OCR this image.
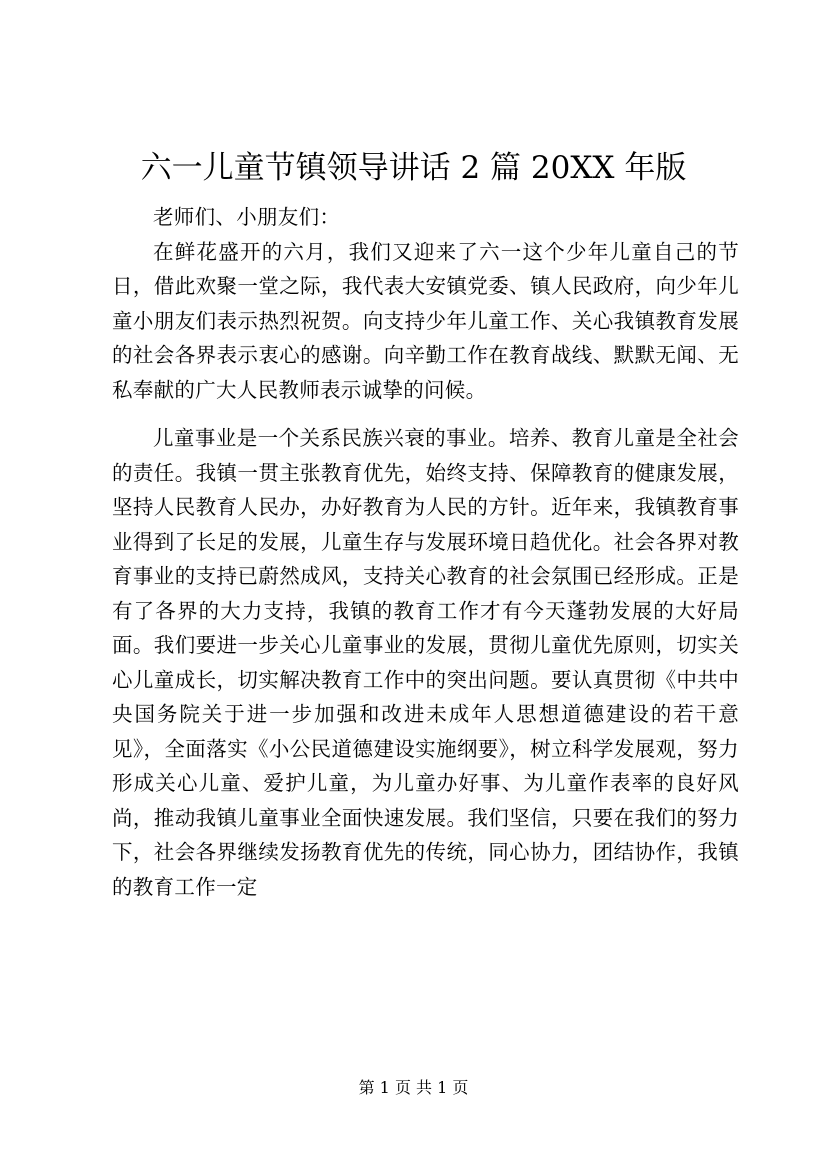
六一儿童节镇领导讲话 2 篇 20XX 年版

老师们、小朋友们：

在鲜花盛开的六月，我们又迎来了六一这个少年儿童自己的节日，借此欢聚一堂之际，我代表大安镇党委、镇人民政府，向少年儿童小朋友们表示热烈祝贺。向支持少年儿童工作、关心我镇教育发展的社会各界表示衷心的感谢。向辛勤工作在教育战线、默默无闻、无私奉献的广大人民教师表示诚挚的问候。

儿童事业是一个关系民族兴衰的事业。培养、教育儿童是全社会的责任。我镇一贯主张教育优先，始终支持、保障教育的健康发展，坚持人民教育人民办，办好教育为人民的方针。近年来，我镇教育事业得到了长足的发展，儿童生存与发展环境日趋优化。社会各界对教育事业的支持已蔚然成风，支持关心教育的社会氛围已经形成。正是有了各界的大力支持，我镇的教育工作才有今天蓬勃发展的大好局面。我们要进一步关心儿童事业的发展，贯彻儿童优先原则，切实关心儿童成长，切实解决教育工作中的突出问题。要认真贯彻《中共中央国务院关于进一步加强和改进未成年人思想道德建设的若干意见》，全面落实《小公民道德建设实施纲要》，树立科学发展观，努力形成关心儿童、爱护儿童，为儿童办好事、为儿童作表率的良好风尚，推动我镇儿童事业全面快速发展。我们坚信，只要在我们的努力下，社会各界继续发扬教育优先的传统，同心协力，团结协作，我镇的教育工作一定

第 1 页 共 1 页
